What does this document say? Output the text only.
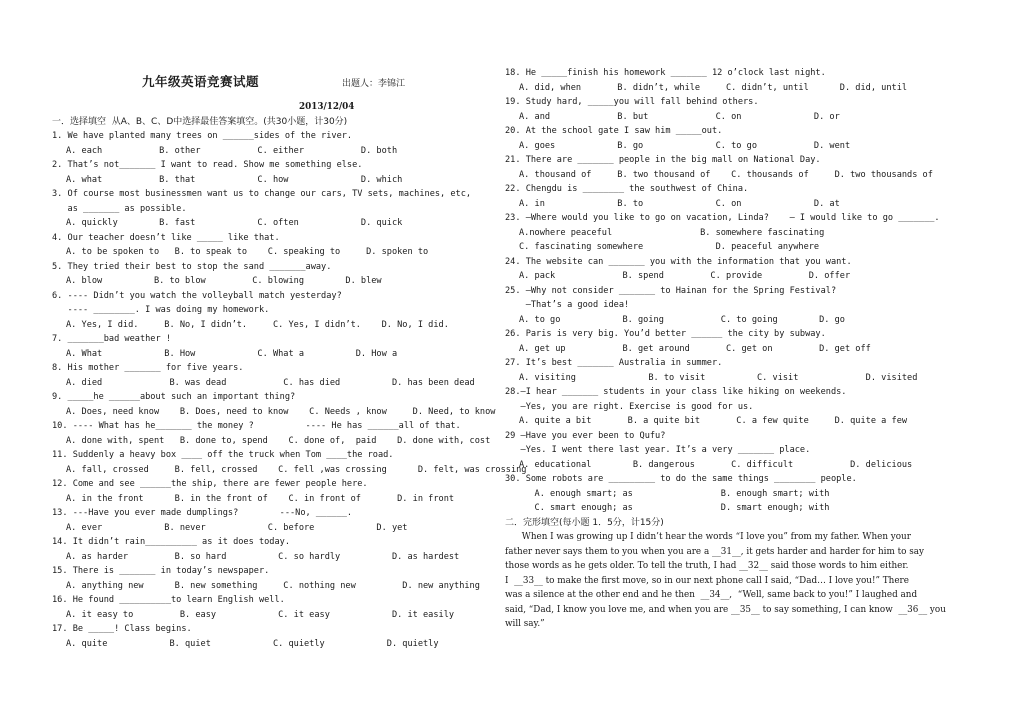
九年级英语竞赛试题	出题人：李锦江
2013/12/04
一．选择填空  从A、B、C、D中选择最佳答案填空。(共30小题，计30分)
1. We have planted many trees on ______sides of the river.
A. each           B. other           C. either           D. both
2. That’s not_______ I want to read. Show me something else.
A. what           B. that            C. how              D. which
3. Of course most businessmen want us to change our cars, TV sets, machines, etc,
as _______ as possible.
A. quickly        B. fast            C. often            D. quick
4. Our teacher doesn’t like _____ like that.
A. to be spoken to   B. to speak to    C. speaking to     D. spoken to
5. They tried their best to stop the sand _______away.
A. blow          B. to blow         C. blowing        D. blew
6. ---- Didn’t you watch the volleyball match yesterday?
---- ________. I was doing my homework.
A. Yes, I did.     B. No, I didn’t.     C. Yes, I didn’t.    D. No, I did.
7. _______bad weather !
A. What            B. How            C. What a          D. How a
8. His mother _______ for five years.
A. died             B. was dead           C. has died          D. has been dead
9. _____he ______about such an important thing?
A. Does, need know    B. Does, need to know    C. Needs , know     D. Need, to know
10. ---- What has he_______ the money ?          ---- He has ______all of that.
A. done with, spent   B. done to, spend    C. done of,  paid    D. done with, cost
11. Suddenly a heavy box ____ off the truck when Tom ____the road.
A. fall, crossed     B. fell, crossed    C. fell ,was crossing      D. felt, was crossing
12. Come and see ______the ship, there are fewer people here.
A. in the front      B. in the front of    C. in front of       D. in front
13. ---Have you ever made dumplings?        ---No, ______.
A. ever            B. never            C. before            D. yet
14. It didn’t rain__________ as it does today.
A. as harder         B. so hard          C. so hardly          D. as hardest
15. There is _______ in today’s newspaper.
A. anything new      B. new something     C. nothing new         D. new anything
16. He found __________to learn English well.
A. it easy to         B. easy            C. it easy            D. it easily
17. Be _____! Class begins.
A. quite            B. quiet            C. quietly            D. quietly
18. He _____finish his homework _______ 12 o’clock last night.
A. did, when       B. didn’t, while     C. didn’t, until      D. did, until
19. Study hard, _____you will fall behind others.
A. and             B. but             C. on              D. or
20. At the school gate I saw him _____out.
A. goes            B. go              C. to go           D. went
21. There are _______ people in the big mall on National Day.
A. thousand of     B. two thousand of    C. thousands of     D. two thousands of
22. Chengdu is ________ the southwest of China.
A. in              B. to              C. on              D. at
23. —Where would you like to go on vacation, Linda?    — I would like to go _______.
A.nowhere peaceful                 B. somewhere fascinating
C. fascinating somewhere              D. peaceful anywhere
24. The website can _______ you with the information that you want.
A. pack             B. spend         C. provide         D. offer
25. —Why not consider _______ to Hainan for the Spring Festival?
—That’s a good idea!
A. to go            B. going           C. to going        D. go
26. Paris is very big. You’d better ______ the city by subway.
A. get up           B. get around       C. get on         D. get off
27. It’s best _______ Australia in summer.
A. visiting              B. to visit          C. visit             D. visited
28.—I hear _______ students in your class like hiking on weekends.
—Yes, you are right. Exercise is good for us.
A. quite a bit       B. a quite bit       C. a few quite     D. quite a few
29 —Have you ever been to Qufu?
—Yes. I went there last year. It’s a very _______ place.
A. educational        B. dangerous       C. difficult           D. delicious
30. Some robots are _________ to do the same things ________ people.
A. enough smart; as                 B. enough smart; with
C. smart enough; as                 D. smart enough; with
二．完形填空(每小题 1．5分，计15分)
When I was growing up I didn’t hear the words “I love you” from my father. When your
father never says them to you when you are a __31__, it gets harder and harder for him to say
those words as he gets older. To tell the truth, I had __32__ said those words to him either.
I  __33__ to make the first move, so in our next phone call I said, “Dad… I love you!” There
was a silence at the other end and he then  __34__,  “Well, same back to you!” I laughed and
said, “Dad, I know you love me, and when you are __35__ to say something, I can know  __36__ you
will say.”
